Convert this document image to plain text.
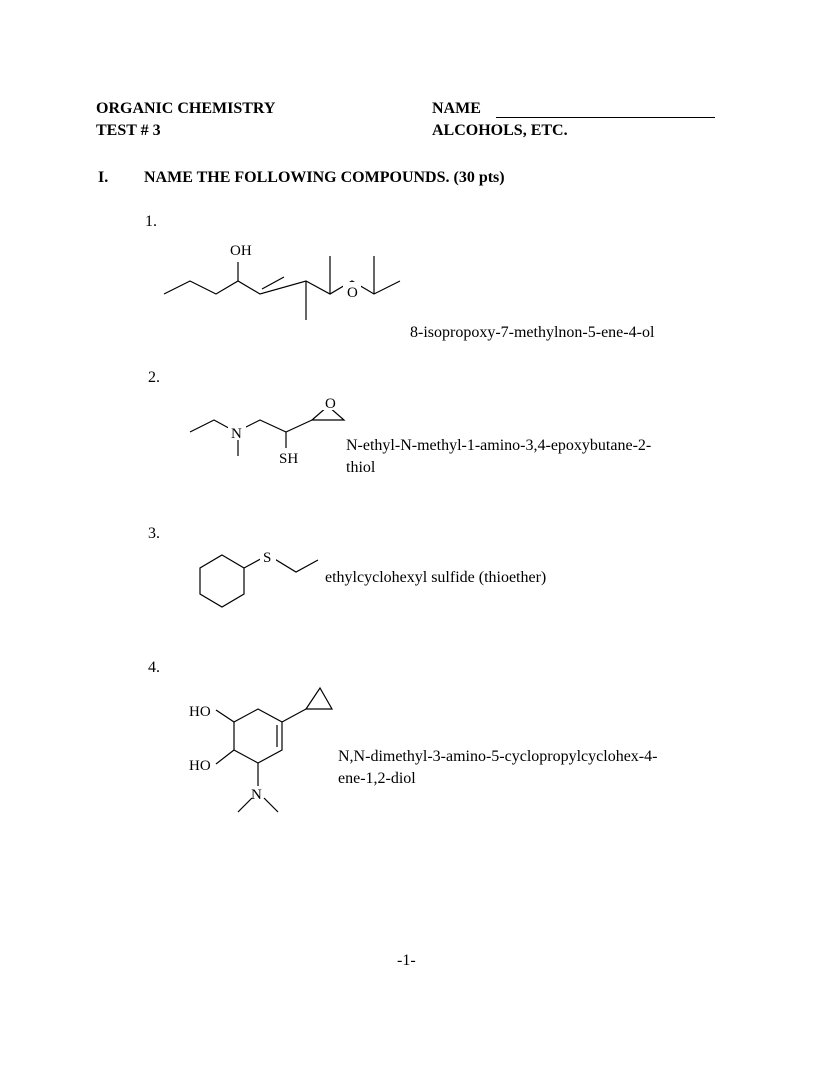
ORGANIC CHEMISTRY
TEST # 3
NAME
ALCOHOLS, ETC.
I. NAME THE FOLLOWING COMPOUNDS. (30 pts)
1.
OH
O
8-isopropoxy-7-methylnon-5-ene-4-ol
2.
N
SH
O
N-ethyl-N-methyl-1-amino-3,4-epoxybutane-2-
thiol
3.
S
ethylcyclohexyl sulfide (thioether)
4.
HO
HO
N
N,N-dimethyl-3-amino-5-cyclopropylcyclohex-4-
ene-1,2-diol
-1-
